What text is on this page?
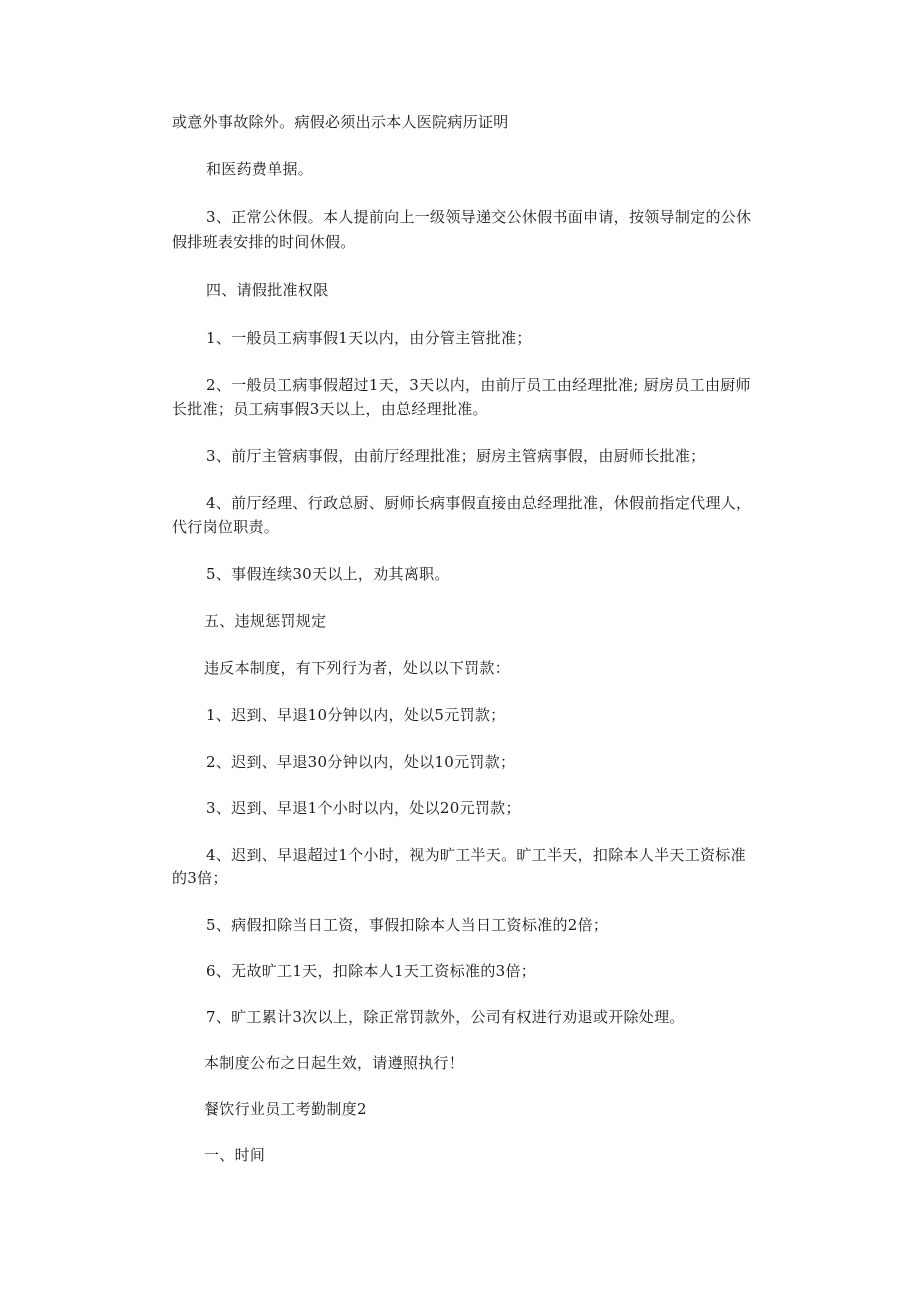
或意外事故除外。病假必须出示本人医院病历证明
和医药费单据。
3、正常公休假。本人提前向上一级领导递交公休假书面申请，按领导制定的公休
假排班表安排的时间休假。
四、请假批准权限
1、一般员工病事假1天以内，由分管主管批准；
2、一般员工病事假超过1天，3天以内，由前厅员工由经理批准; 厨房员工由厨师
长批准；员工病事假3天以上，由总经理批准。
3、前厅主管病事假，由前厅经理批准；厨房主管病事假，由厨师长批准；
4、前厅经理、行政总厨、厨师长病事假直接由总经理批准，休假前指定代理人，
代行岗位职责。
5、事假连续30天以上，劝其离职。
五、违规惩罚规定
违反本制度，有下列行为者，处以以下罚款：
1、迟到、早退10分钟以内，处以5元罚款；
2、迟到、早退30分钟以内，处以10元罚款；
3、迟到、早退1个小时以内，处以20元罚款；
4、迟到、早退超过1个小时，视为旷工半天。旷工半天，扣除本人半天工资标准
的3倍；
5、病假扣除当日工资，事假扣除本人当日工资标准的2倍；
6、无故旷工1天，扣除本人1天工资标准的3倍；
7、旷工累计3次以上，除正常罚款外，公司有权进行劝退或开除处理。
本制度公布之日起生效，请遵照执行！
餐饮行业员工考勤制度2
一、时间
